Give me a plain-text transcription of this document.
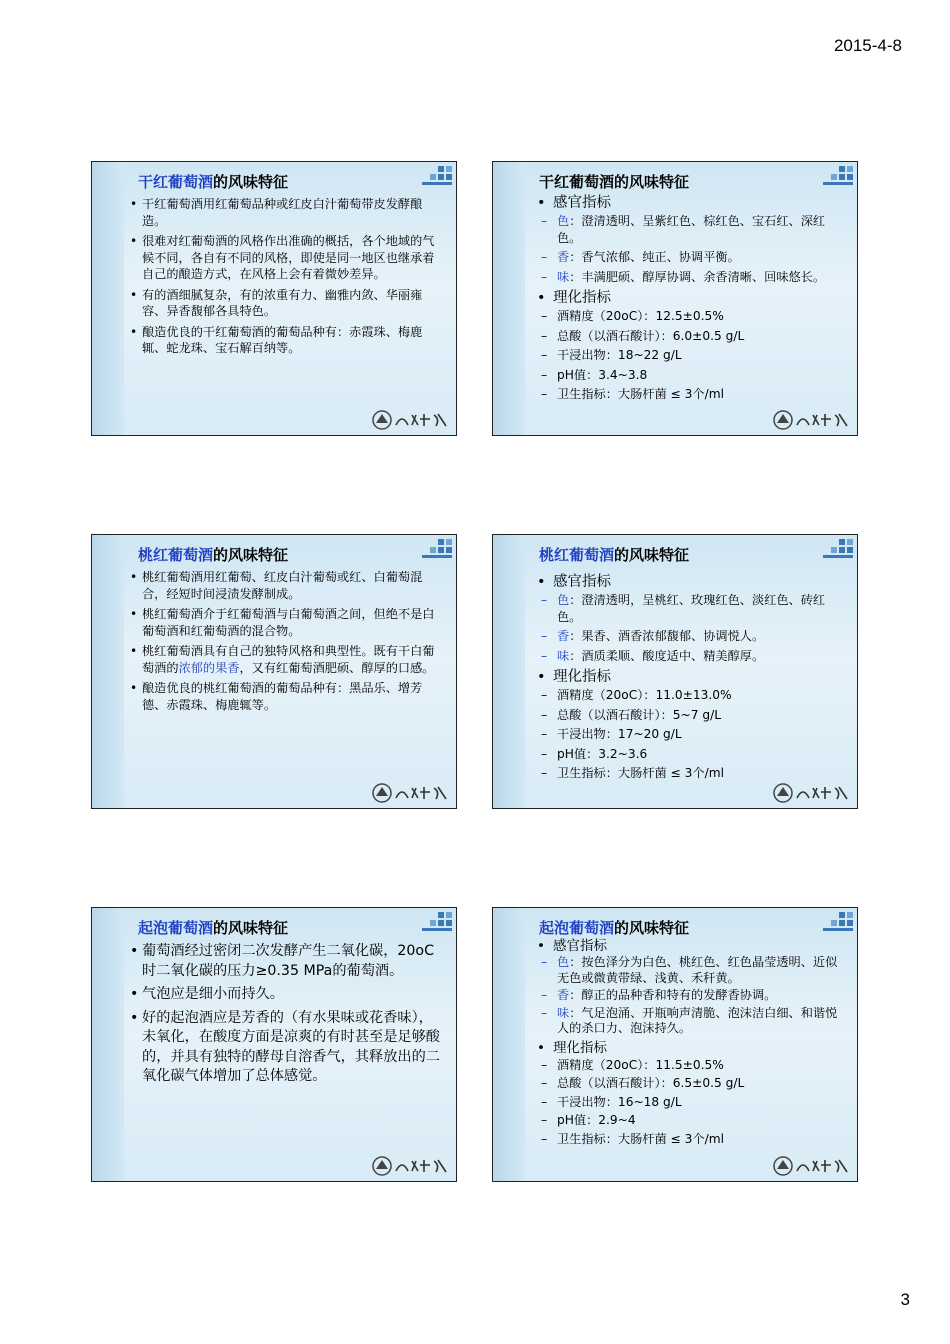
2015-4-8
干红葡萄酒的风味特征
• 干红葡萄酒用红葡萄品种或红皮白汁葡萄带皮发酵酿造。
• 很难对红葡萄酒的风格作出准确的概括，各个地域的气候不同，各自有不同的风格，即使是同一地区也继承着自己的酿造方式，在风格上会有着微妙差异。
• 有的酒细腻复杂，有的浓重有力、幽雅内敛、华丽雍容、异香馥郁各具特色。
• 酿造优良的干红葡萄酒的葡萄品种有：赤霞珠、梅鹿辄、蛇龙珠、宝石解百纳等。
干红葡萄酒的风味特征
• 感官指标
– 色：澄清透明、呈紫红色、棕红色、宝石红、深红色。
– 香：香气浓郁、纯正、协调平衡。
– 味：丰满肥硕、醇厚协调、余香清晰、回味悠长。
• 理化指标
– 酒精度（20oC）：12.5±0.5%
– 总酸（以酒石酸计）：6.0±0.5 g/L
– 干浸出物：18~22 g/L
– pH值：3.4~3.8
– 卫生指标：大肠杆菌 ≤ 3个/ml
桃红葡萄酒的风味特征
• 桃红葡萄酒用红葡萄、红皮白汁葡萄或红、白葡萄混合，经短时间浸渍发酵制成。
• 桃红葡萄酒介于红葡萄酒与白葡萄酒之间，但绝不是白葡萄酒和红葡萄酒的混合物。
• 桃红葡萄酒具有自己的独特风格和典型性。既有干白葡萄酒的浓郁的果香，又有红葡萄酒肥硕、醇厚的口感。
• 酿造优良的桃红葡萄酒的葡萄品种有：黑品乐、增芳德、赤霞珠、梅鹿辄等。
桃红葡萄酒的风味特征
• 感官指标
– 色：澄清透明，呈桃红、玫瑰红色、淡红色、砖红色。
– 香：果香、酒香浓郁馥郁、协调悦人。
– 味：酒质柔顺、酸度适中、精美醇厚。
• 理化指标
– 酒精度（20oC）：11.0±13.0%
– 总酸（以酒石酸计）：5~7 g/L
– 干浸出物：17~20 g/L
– pH值：3.2~3.6
– 卫生指标：大肠杆菌 ≤ 3个/ml
起泡葡萄酒的风味特征
• 葡萄酒经过密闭二次发酵产生二氧化碳，20oC时二氧化碳的压力≥0.35 MPa的葡萄酒。
• 气泡应是细小而持久。
• 好的起泡酒应是芳香的（有水果味或花香味），未氧化，在酸度方面是凉爽的有时甚至是足够酸的，并具有独特的酵母自溶香气，其释放出的二氧化碳气体增加了总体感觉。
起泡葡萄酒的风味特征
• 感官指标
– 色：按色泽分为白色、桃红色、红色晶莹透明、近似无色或微黄带绿、浅黄、禾秆黄。
– 香：醇正的品种香和特有的发酵香协调。
– 味：气足泡涌、开瓶响声清脆、泡沫洁白细、和谐悦人的杀口力、泡沫持久。
• 理化指标
– 酒精度（20oC）：11.5±0.5%
– 总酸（以酒石酸计）：6.5±0.5 g/L
– 干浸出物：16~18 g/L
– pH值：2.9~4
– 卫生指标：大肠杆菌 ≤ 3个/ml
3
